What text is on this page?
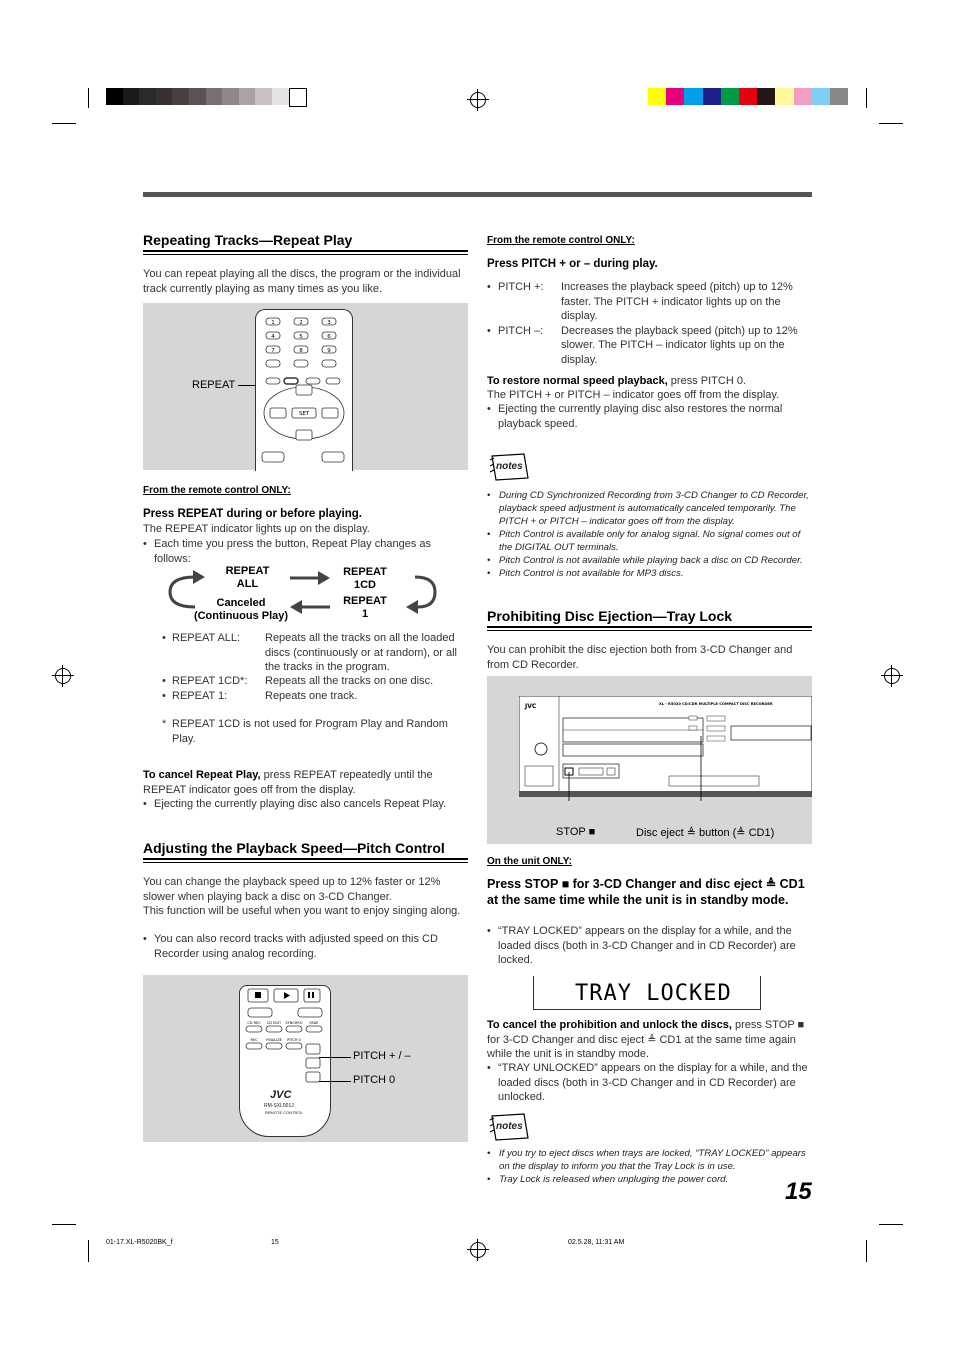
Repeating Tracks—Repeat Play
You can repeat playing all the discs, the program or the individual track currently playing as many times as you like.
REPEAT
1	2	3
4	5	6
7	8	9
SET
From the remote control ONLY:
Press REPEAT during or before playing.
The REPEAT indicator lights up on the display.
• Each time you press the button, Repeat Play changes as follows:
REPEAT
ALL
REPEAT
1CD
REPEAT
1
Canceled
(Continuous Play)
• REPEAT ALL: Repeats all the tracks on all the loaded discs (continuously or at random), or all the tracks in the program.
• REPEAT 1CD*: Repeats all the tracks on one disc.
• REPEAT 1:	Repeats one track.
* REPEAT 1CD is not used for Program Play and Random Play.
To cancel Repeat Play, press REPEAT repeatedly until the REPEAT indicator goes off from the display.
• Ejecting the currently playing disc also cancels Repeat Play.
Adjusting the Playback Speed—Pitch Control
You can change the playback speed up to 12% faster or 12% slower when playing back a disc on 3-CD Changer.
This function will be useful when you want to enjoy singing along.
• You can also record tracks with adjusted speed on this CD Recorder using analog recording.
CD REC CD EDIT SYNCHRO FADE
REC FINALIZE PITCH 0
JVC
RM-SXL001J
REMOTE CONTROL
PITCH + / –
PITCH 0
From the remote control ONLY:
Press PITCH + or – during play.
• PITCH +: Increases the playback speed (pitch) up to 12% faster. The PITCH + indicator lights up on the display.
• PITCH –: Decreases the playback speed (pitch) up to 12% slower. The PITCH – indicator lights up on the display.
To restore normal speed playback, press PITCH 0.
The PITCH + or PITCH – indicator goes off from the display.
• Ejecting the currently playing disc also restores the normal playback speed.
notes
• During CD Synchronized Recording from 3-CD Changer to CD Recorder, playback speed adjustment is automatically canceled temporarily. The PITCH + or PITCH – indicator goes off from the display.
• Pitch Control is available only for analog signal. No signal comes out of the DIGITAL OUT terminals.
• Pitch Control is not available while playing back a disc on CD Recorder.
• Pitch Control is not available for MP3 discs.
Prohibiting Disc Ejection—Tray Lock
You can prohibit the disc ejection both from 3-CD Changer and from CD Recorder.
JVC	XL - R5020 CD/CDR MULTIPLE COMPACT DISC RECORDER
STOP ■	Disc eject ≜ button (≜ CD1)
On the unit ONLY:
Press STOP ■ for 3-CD Changer and disc eject ≜ CD1 at the same time while the unit is in standby mode.
• “TRAY LOCKED” appears on the display for a while, and the loaded discs (both in 3-CD Changer and in CD Recorder) are locked.
TRAY LOCKED
To cancel the prohibition and unlock the discs, press STOP ■ for 3-CD Changer and disc eject ≜ CD1 at the same time again while the unit is in standby mode.
• “TRAY UNLOCKED” appears on the display for a while, and the loaded discs (both in 3-CD Changer and in CD Recorder) are unlocked.
notes
• If you try to eject discs when trays are locked, “TRAY LOCKED” appears on the display to inform you that the Tray Lock is in use.
• Tray Lock is released when unpluging the power cord.	15
01-17.XL-R5020BK_f	15	02.5.28, 11:31 AM
